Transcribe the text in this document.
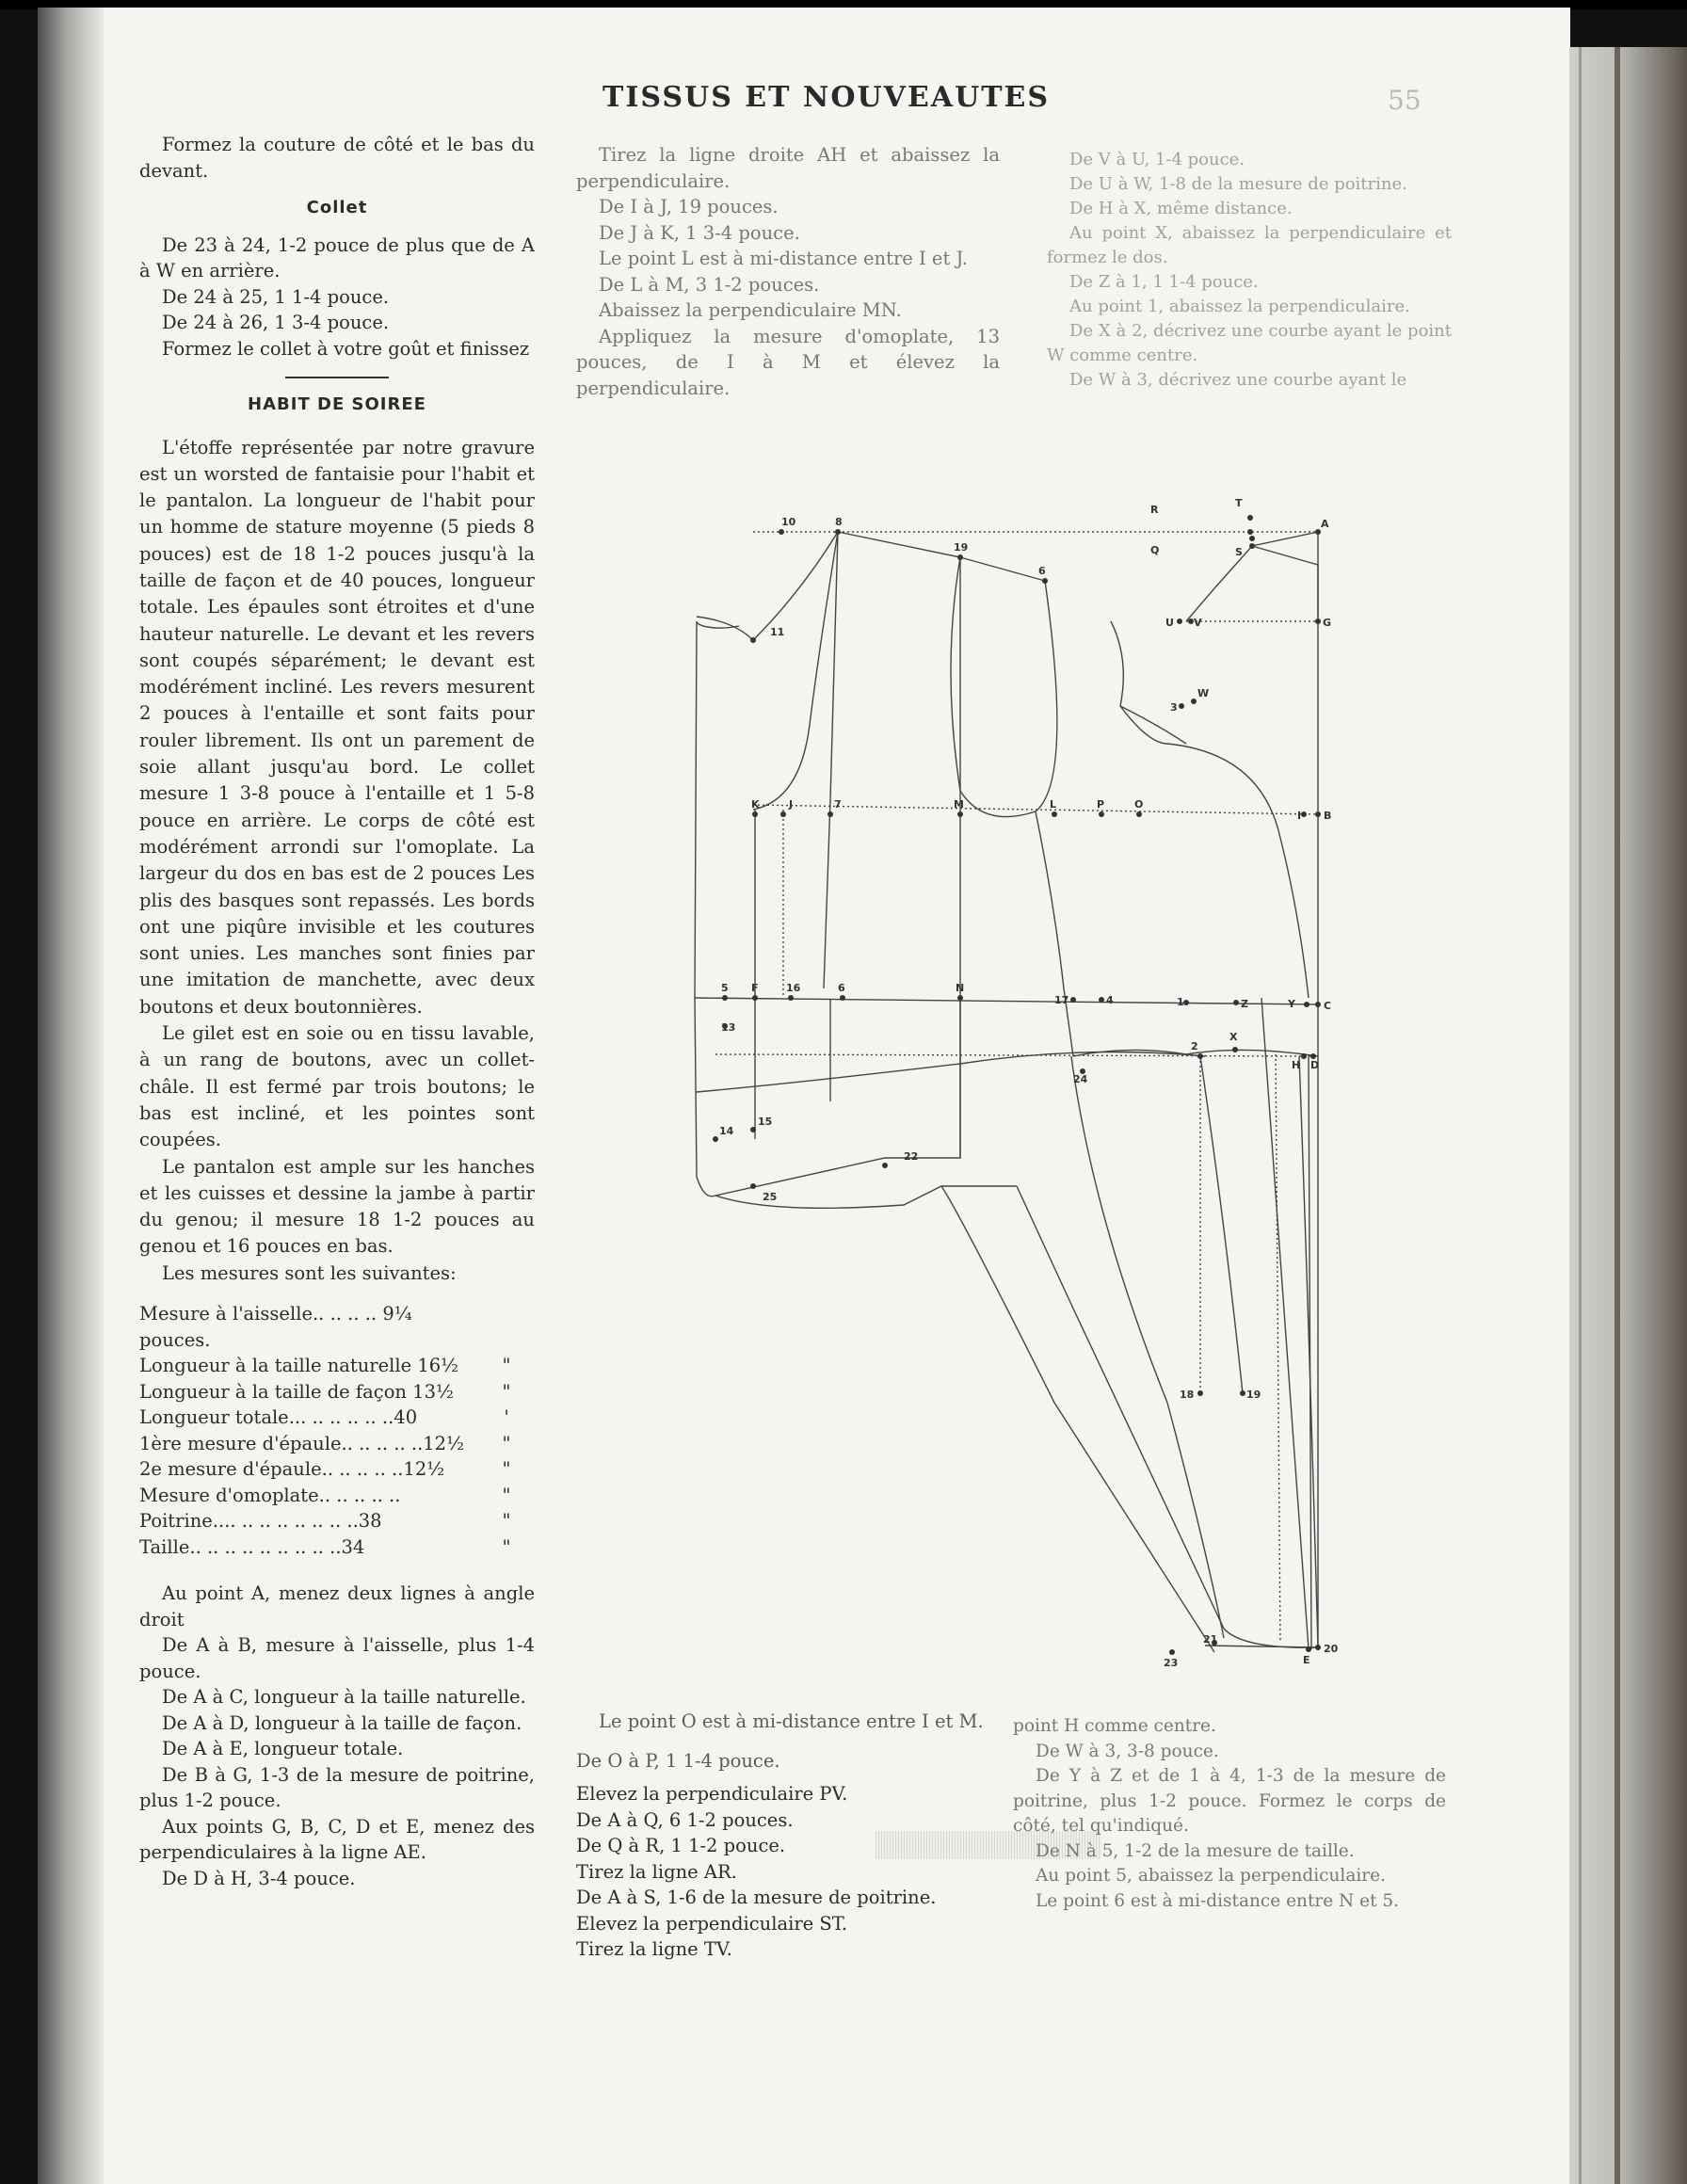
TISSUS ET NOUVEAUTES	55

Formez la couture de côté et le bas du devant.

Collet

De 23 à 24, 1-2 pouce de plus que de A à W en arrière.

De 24 à 25, 1 1-4 pouce.

De 24 à 26, 1 3-4 pouce.

Formez le collet à votre goût et finissez

HABIT DE SOIREE

L'étoffe représentée par notre gravure est un worsted de fantaisie pour l'habit et le pantalon. La longueur de l'habit pour un homme de stature moyenne (5 pieds 8 pouces) est de 18 1-2 pouces jusqu'à la taille de façon et de 40 pouces, longueur totale. Les épaules sont étroites et d'une hauteur naturelle. Le devant et les revers sont coupés séparément; le devant est modérément incliné. Les revers mesurent 2 pouces à l'entaille et sont faits pour rouler librement. Ils ont un parement de soie allant jusqu'au bord. Le collet mesure 1 3-8 pouce à l'entaille et 1 5-8 pouce en arrière. Le corps de côté est modérément arrondi sur l'omoplate. La largeur du dos en bas est de 2 pouces Les plis des basques sont repassés. Les bords ont une piqûre invisible et les coutures sont unies. Les manches sont finies par une imitation de manchette, avec deux boutons et deux boutonnières.

Le gilet est en soie ou en tissu lavable, à un rang de boutons, avec un collet-châle. Il est fermé par trois boutons; le bas est incliné, et les pointes sont coupées.

Le pantalon est ample sur les hanches et les cuisses et dessine la jambe à partir du genou; il mesure 18 1-2 pouces au genou et 16 pouces en bas.

Les mesures sont les suivantes:

Mesure à l'aisselle.. .. .. .. 9¼ pouces.
Longueur à la taille naturelle 16½	"
Longueur à la taille de façon 13½	"
Longueur totale... .. .. .. .. ..40	'
1ère mesure d'épaule.. .. .. .. ..12½	"
2e mesure d'épaule.. .. .. .. ..12½	"
Mesure d'omoplate.. .. .. .. ..	"
Poitrine.... .. .. .. .. .. .. ..38	"
Taille.. .. .. .. .. .. .. .. ..34	"

Au point A, menez deux lignes à angle droit

De A à B, mesure à l'aisselle, plus 1-4 pouce.

De A à C, longueur à la taille naturelle.

De A à D, longueur à la taille de façon.

De A à E, longueur totale.

De B à G, 1-3 de la mesure de poitrine, plus 1-2 pouce.

Aux points G, B, C, D et E, menez des perpendiculaires à la ligne AE.

De D à H, 3-4 pouce.

Tirez la ligne droite AH et abaissez la perpendiculaire.

De I à J, 19 pouces.

De J à K, 1 3-4 pouce.

Le point L est à mi-distance entre I et J.

De L à M, 3 1-2 pouces.

Abaissez la perpendiculaire MN.

Appliquez la mesure d'omoplate, 13 pouces, de I à M et élevez la perpendiculaire.

De V à U, 1-4 pouce.

De U à W, 1-8 de la mesure de poitrine.

De H à X, même distance.

Au point X, abaissez la perpendiculaire et formez le dos.

De Z à 1, 1 1-4 pouce.

Au point 1, abaissez la perpendiculaire.

De X à 2, décrivez une courbe ayant le point W comme centre.

De W à 3, décrivez une courbe ayant le

R
T
A
10	8
19	Q	S
6
U V	G
11
W
3
K	J	7	M	L	P	O
I B
5 F	16	6	N
17	4	1	Z	Y	C
13
2
X
H D
24
14
15
22
25
18	19
21
23	E
20

Le point O est à mi-distance entre I et M.

De O à P, 1 1-4 pouce.

Elevez la perpendiculaire PV.

De A à Q, 6 1-2 pouces.

De Q à R, 1 1-2 pouce.

Tirez la ligne AR.

De A à S, 1-6 de la mesure de poitrine.

Elevez la perpendiculaire ST.

Tirez la ligne TV.

point H comme centre.

De W à 3, 3-8 pouce.

De Y à Z et de 1 à 4, 1-3 de la mesure de poitrine, plus 1-2 pouce. Formez le corps de côté, tel qu'indiqué.

De N à 5, 1-2 de la mesure de taille.

Au point 5, abaissez la perpendiculaire.

Le point 6 est à mi-distance entre N et 5.
